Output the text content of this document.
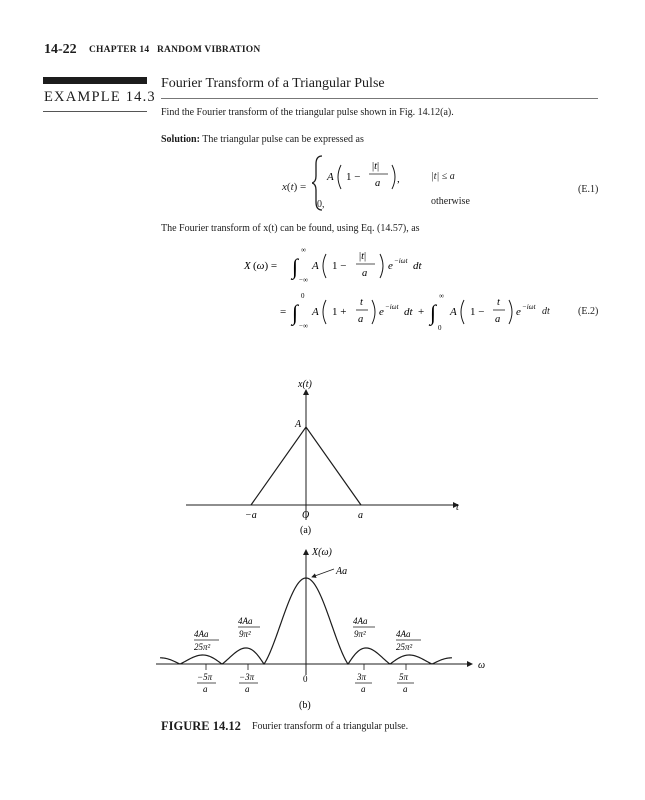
14-22 CHAPTER 14 RANDOM VIBRATION
EXAMPLE 14.3
Fourier Transform of a Triangular Pulse
Find the Fourier transform of the triangular pulse shown in Fig. 14.12(a).
Solution: The triangular pulse can be expressed as
x(t) =
A 1 −
|t|
a ,
0,
|t| ≤ a
otherwise
(E.1)
The Fourier transform of x(t) can be found, using Eq. (14.57), as
X (ω) = ∫
∞
−∞
A 1 −
|t|
a
e −iωt dt
= ∫
0
−∞
A 1 +
t
a
e −iωt dt + ∫
∞
0
A 1 −
t
a
e −iωt dt	(E.2)
x(t)
t
A
−a	O	a
(a)
Aa
X(ω)
ω
4Aa
25π²
4Aa
9π²
4Aa
9π²	4Aa
25π²
−5π
a
−3π
a
0	3π
a
5π
a
(b)
FIGURE 14.12 Fourier transform of a triangular pulse.
